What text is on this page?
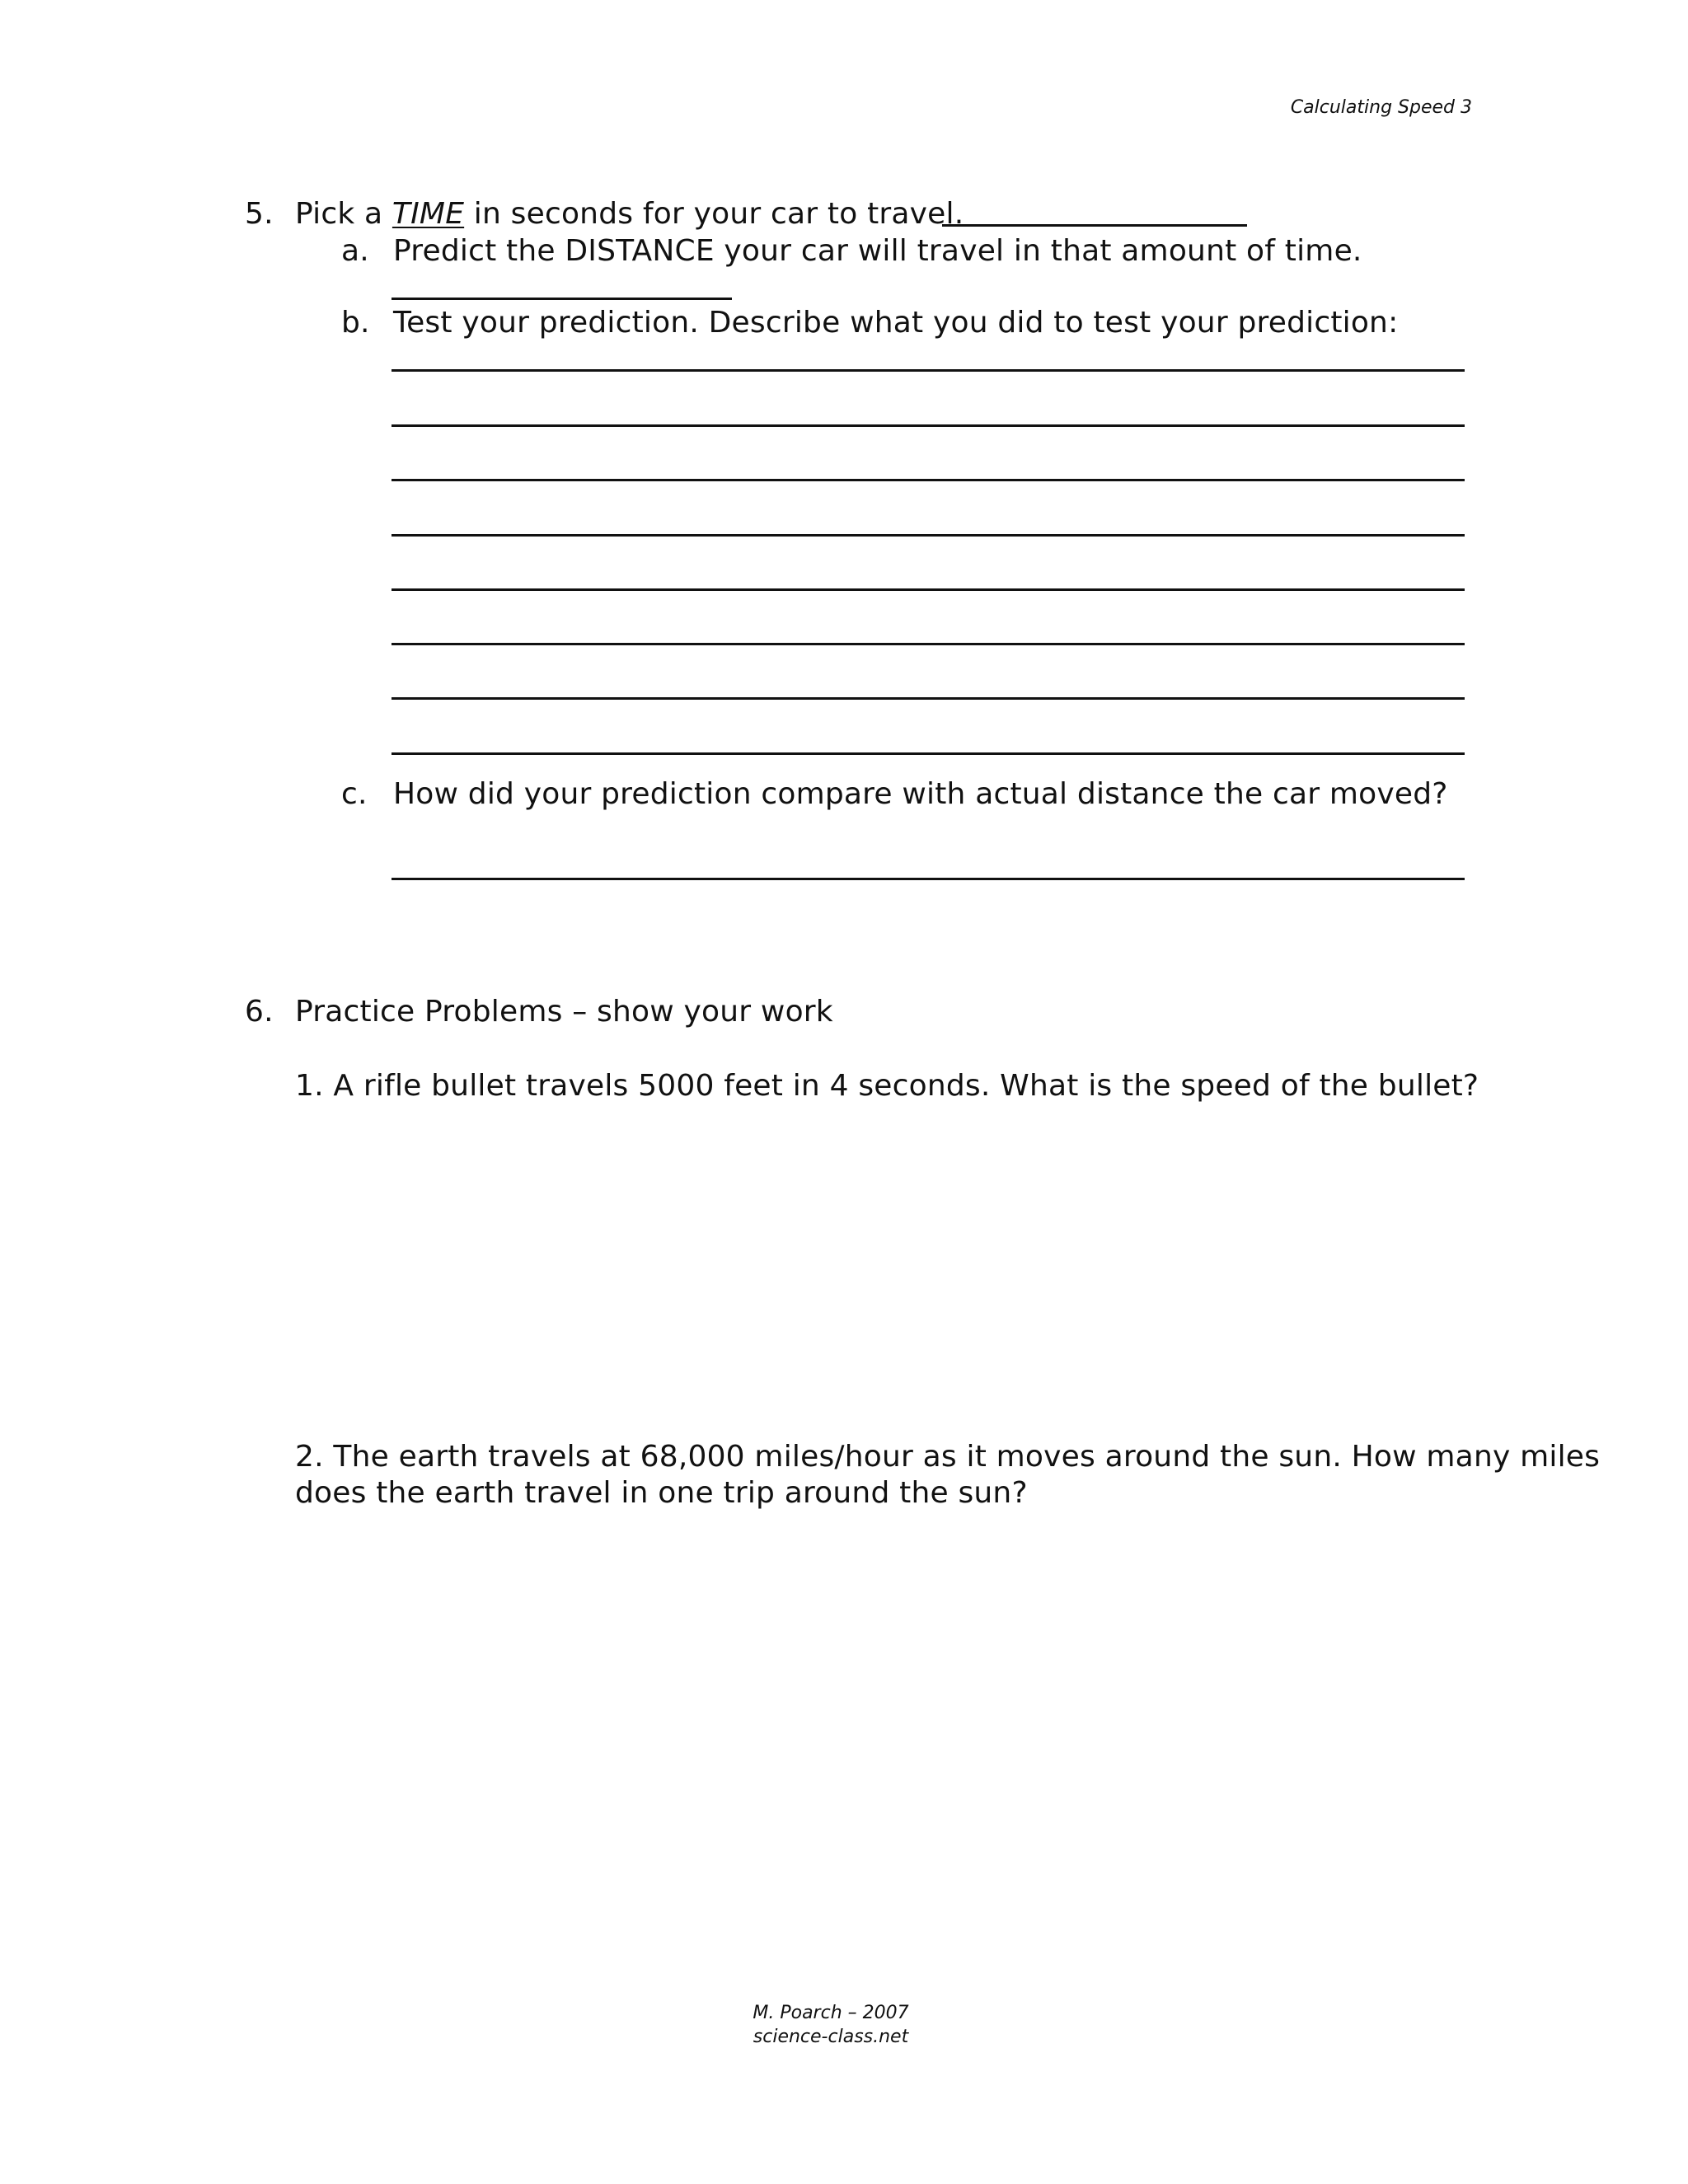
Calculating Speed 3
5. Pick a TIME in seconds for your car to travel.
a. Predict the DISTANCE your car will travel in that amount of time.
b. Test your prediction. Describe what you did to test your prediction:
c. How did your prediction compare with actual distance the car moved?
6. Practice Problems – show your work
1. A rifle bullet travels 5000 feet in 4 seconds. What is the speed of the bullet?
2. The earth travels at 68,000 miles/hour as it moves around the sun. How many miles
does the earth travel in one trip around the sun?
M. Poarch – 2007
science-class.net
